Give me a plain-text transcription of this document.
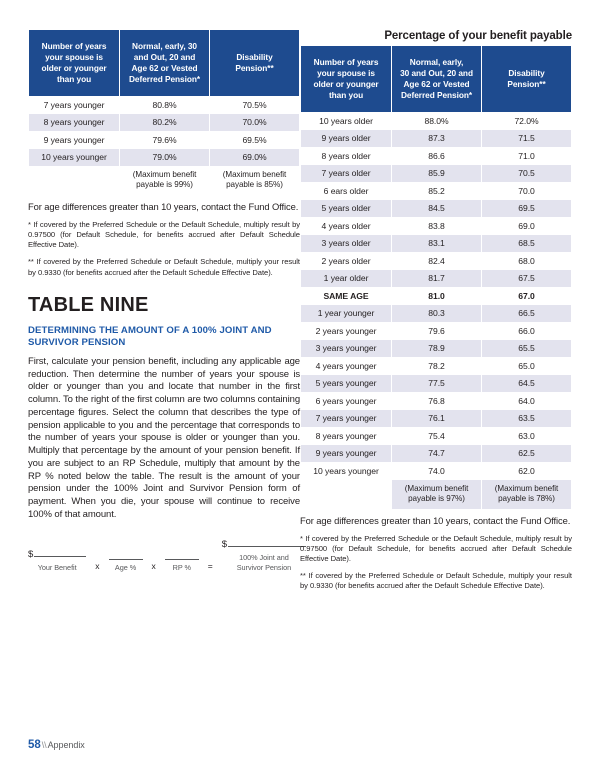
Number of years
your spouse is
older or younger
than you	Normal, early, 30
and Out, 20 and
Age 62 or Vested
Deferred Pension*	Disability
Pension**
7 years younger	80.8%	70.5%
8 years younger	80.2%	70.0%
9 years younger	79.6%	69.5%
10 years younger	79.0%	69.0%
	(Maximum benefit
payable is 99%)	(Maximum benefit
payable is 85%)

For age differences greater than 10 years, contact the Fund Office.

* If covered by the Preferred Schedule or the Default Schedule, multiply result by 0.97500 (for Default Schedule, for benefits accrued after Default Schedule Effective Date).

** If covered by the Preferred Schedule or Default Schedule, multiply your result by 0.9330 (for benefits accrued after the Default Schedule Effective Date).

TABLE NINE
DETERMINING THE AMOUNT OF A 100% JOINT AND SURVIVOR PENSION

First, calculate your pension benefit, including any applicable age reduction. Then determine the number of years your spouse is older or younger than you and locate that number in the first column. To the right of the first column are two columns containing percentage figures. Select the column that describes the type of pension applicable to you and the percentage that corresponds to the number of years your spouse is older or younger than you. Multiply that percentage by the amount of your pension benefit. If you are subject to an RP Schedule, multiply that amount by the RP % noted below the table. The result is the amount of your pension under the 100% Joint and Survivor Pension form of payment. When you die, your spouse will continue to receive 100% of that amount.

$
Your Benefit	x	Age %	x	RP %	=
$
100% Joint and
Survivor Pension
Percentage of your benefit payable
Number of years
your spouse is
older or younger
than you	Normal, early,
30 and Out, 20 and
Age 62 or Vested
Deferred Pension*	Disability
Pension**
10 years older	88.0%	72.0%
9 years older	87.3	71.5
8 years older	86.6	71.0
7 years older	85.9	70.5
6 ears older	85.2	70.0
5 years older	84.5	69.5
4 years older	83.8	69.0
3 years older	83.1	68.5
2 years older	82.4	68.0
1 year older	81.7	67.5
SAME AGE	81.0	67.0
1 year younger	80.3	66.5
2 years younger	79.6	66.0
3 years younger	78.9	65.5
4 years younger	78.2	65.0
5 years younger	77.5	64.5
6 years younger	76.8	64.0
7 years younger	76.1	63.5
8 years younger	75.4	63.0
9 years younger	74.7	62.5
10 years younger	74.0	62.0
	(Maximum benefit
payable is 97%)	(Maximum benefit
payable is 78%)

For age differences greater than 10 years, contact the Fund Office.

* If covered by the Preferred Schedule or the Default Schedule, multiply result by 0.97500 (for Default Schedule, for benefits accrued after Default Schedule Effective Date).

** If covered by the Preferred Schedule or Default Schedule, multiply your result by 0.9330 (for benefits accrued after the Default Schedule Effective Date).

58\\Appendix
